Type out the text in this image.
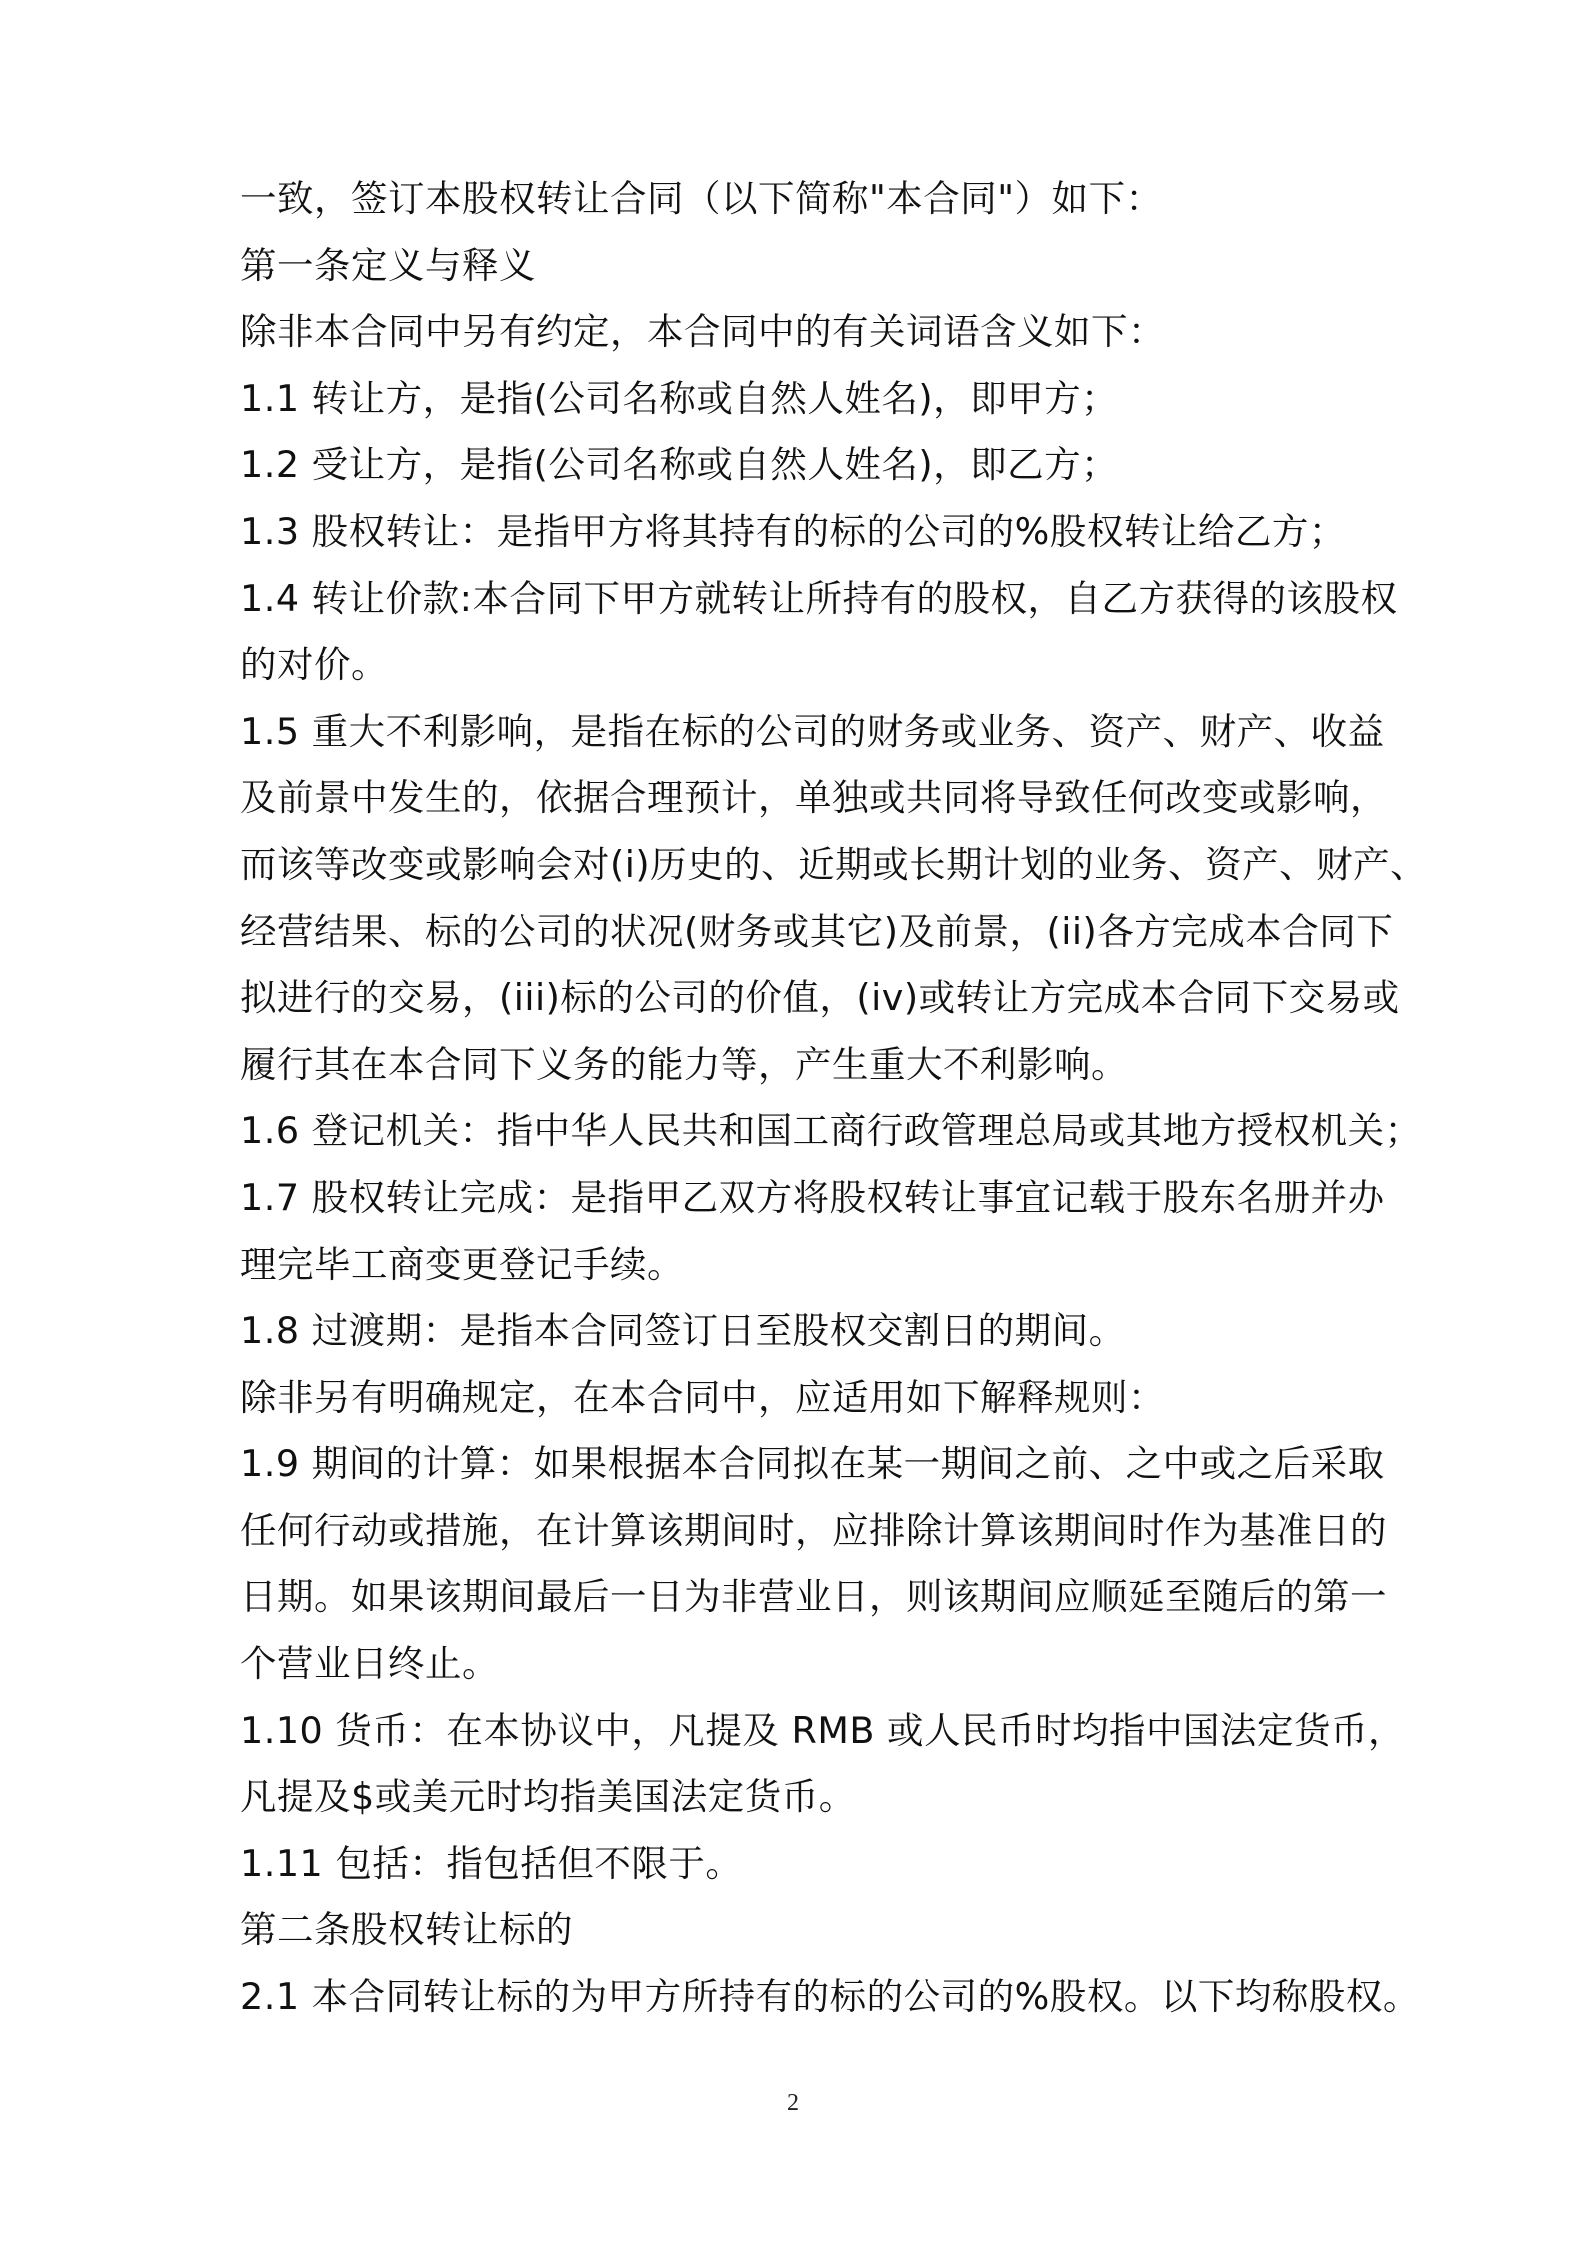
一致，签订本股权转让合同（以下简称"本合同"）如下：
第一条定义与释义
除非本合同中另有约定，本合同中的有关词语含义如下：
1.1 转让方，是指(公司名称或自然人姓名)，即甲方；
1.2 受让方，是指(公司名称或自然人姓名)，即乙方；
1.3 股权转让：是指甲方将其持有的标的公司的%股权转让给乙方；
1.4 转让价款:本合同下甲方就转让所持有的股权，自乙方获得的该股权
的对价。
1.5 重大不利影响，是指在标的公司的财务或业务、资产、财产、收益
及前景中发生的，依据合理预计，单独或共同将导致任何改变或影响，
而该等改变或影响会对(i)历史的、近期或长期计划的业务、资产、财产、
经营结果、标的公司的状况(财务或其它)及前景，(ii)各方完成本合同下
拟进行的交易，(iii)标的公司的价值，(iv)或转让方完成本合同下交易或
履行其在本合同下义务的能力等，产生重大不利影响。
1.6 登记机关：指中华人民共和国工商行政管理总局或其地方授权机关；
1.7 股权转让完成：是指甲乙双方将股权转让事宜记载于股东名册并办
理完毕工商变更登记手续。
1.8 过渡期：是指本合同签订日至股权交割日的期间。
除非另有明确规定，在本合同中，应适用如下解释规则：
1.9 期间的计算：如果根据本合同拟在某一期间之前、之中或之后采取
任何行动或措施，在计算该期间时，应排除计算该期间时作为基准日的
日期。如果该期间最后一日为非营业日，则该期间应顺延至随后的第一
个营业日终止。
1.10 货币：在本协议中，凡提及 RMB 或人民币时均指中国法定货币，
凡提及$或美元时均指美国法定货币。
1.11 包括：指包括但不限于。
第二条股权转让标的
2.1 本合同转让标的为甲方所持有的标的公司的%股权。以下均称股权。
2
